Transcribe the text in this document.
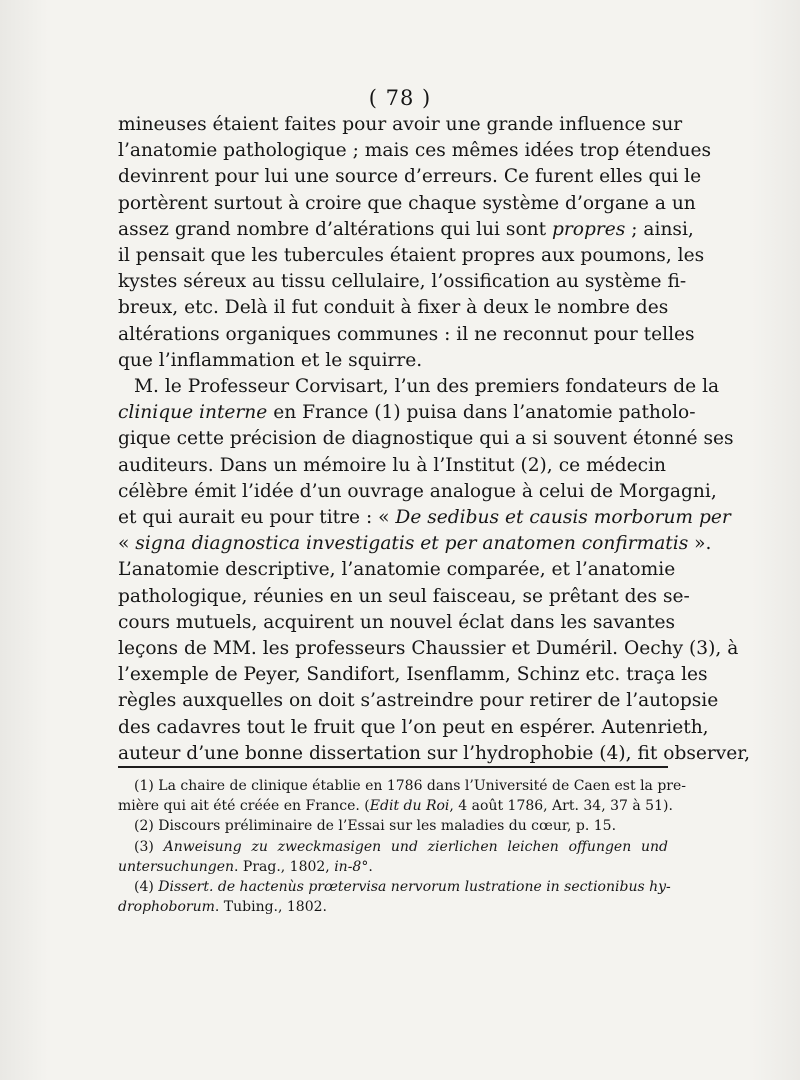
( 78 )
mineuses étaient faites pour avoir une grande influence sur
l’anatomie pathologique ; mais ces mêmes idées trop étendues
devinrent pour lui une source d’erreurs. Ce furent elles qui le
portèrent surtout à croire que chaque système d’organe a un
assez grand nombre d’altérations qui lui sont propres ; ainsi,
il pensait que les tubercules étaient propres aux poumons, les
kystes séreux au tissu cellulaire, l’ossification au système fi-
breux, etc. Delà il fut conduit à fixer à deux le nombre des
altérations organiques communes : il ne reconnut pour telles
que l’inflammation et le squirre.
M. le Professeur Corvisart, l’un des premiers fondateurs de la
clinique interne en France (1) puisa dans l’anatomie patholo-
gique cette précision de diagnostique qui a si souvent étonné ses
auditeurs. Dans un mémoire lu à l’Institut (2), ce médecin
célèbre émit l’idée d’un ouvrage analogue à celui de Morgagni,
et qui aurait eu pour titre : « De sedibus et causis morborum per
« signa diagnostica investigatis et per anatomen confirmatis ».
L’anatomie descriptive, l’anatomie comparée, et l’anatomie
pathologique, réunies en un seul faisceau, se prêtant des se-
cours mutuels, acquirent un nouvel éclat dans les savantes
leçons de MM. les professeurs Chaussier et Duméril. Oechy (3), à
l’exemple de Peyer, Sandifort, Isenflamm, Schinz etc. traça les
règles auxquelles on doit s’astreindre pour retirer de l’autopsie
des cadavres tout le fruit que l’on peut en espérer. Autenrieth,
auteur d’une bonne dissertation sur l’hydrophobie (4), fit observer,
(1) La chaire de clinique établie en 1786 dans l’Université de Caen est la pre-
mière qui ait été créée en France. (Edit du Roi, 4 août 1786, Art. 34, 37 à 51).
(2) Discours préliminaire de l’Essai sur les maladies du cœur, p. 15.
(3) Anweisung zu zweckmasigen und zierlichen leichen offungen und
untersuchungen. Prag., 1802, in-8°.
(4) Dissert. de hactenùs prœtervisa nervorum lustratione in sectionibus hy-
drophoborum. Tubing., 1802.
